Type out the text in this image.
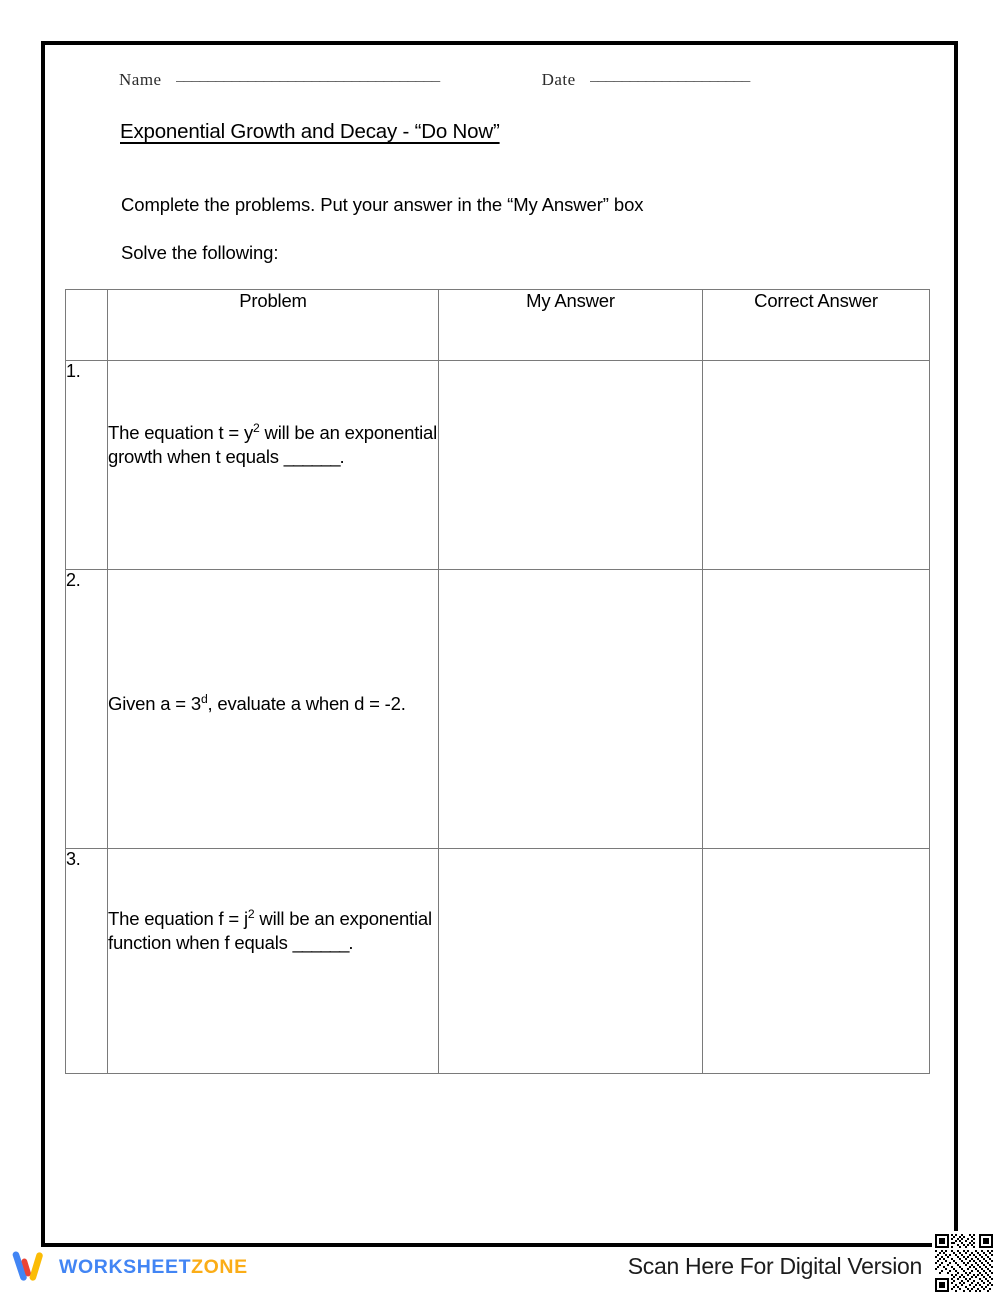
Name _________________________________	Date ____________________
Exponential Growth and Decay - “Do Now”
Complete the problems. Put your answer in the “My Answer” box
Solve the following:
	Problem	My Answer	Correct Answer
1.	The equation $t = y^2$ will be an exponential growth when t equals ______.		

2.	Given $a = 3^d$, evaluate a when d = -2.		

3.	The equation $f = j^2$ will be an exponential function when f equals ______.		

WORKSHEETZONE	Scan Here For Digital Version
